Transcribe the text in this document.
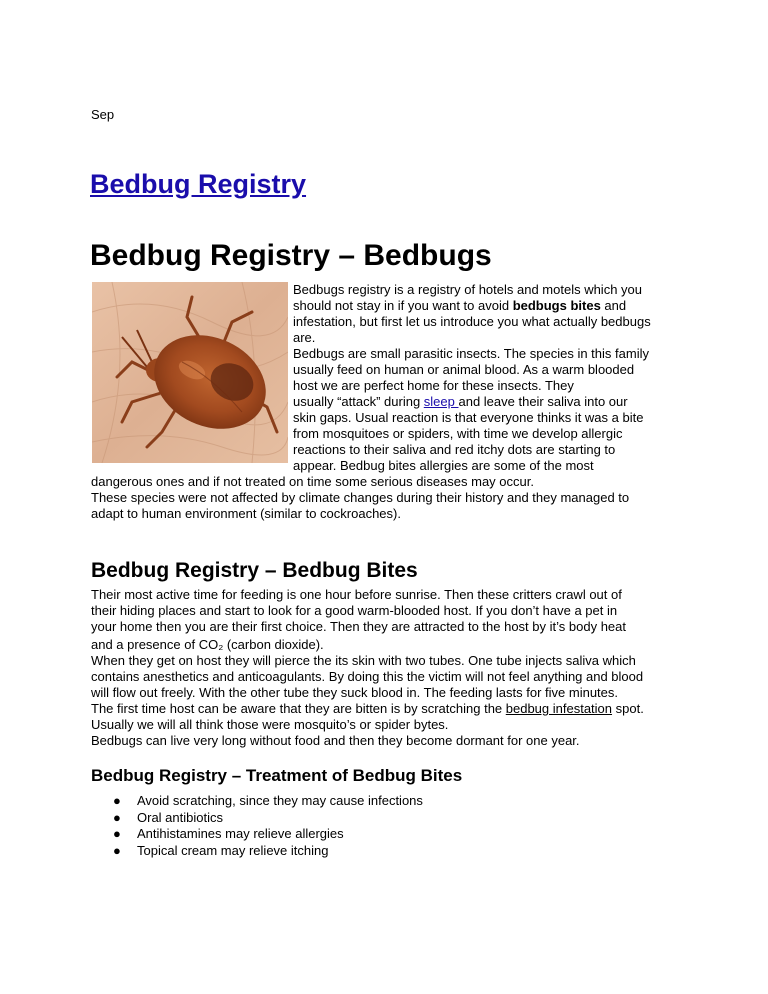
Sep
Bedbug Registry
Bedbug Registry – Bedbugs
Bedbugs registry is a registry of hotels and motels which you
should not stay in if you want to avoid bedbugs bites and
infestation, but first let us introduce you what actually bedbugs
are.
Bedbugs are small parasitic insects. The species in this family
usually feed on human or animal blood. As a warm blooded
host we are perfect home for these insects. They
usually “attack” during sleep and leave their saliva into our
skin gaps. Usual reaction is that everyone thinks it was a bite
from mosquitoes or spiders, with time we develop allergic
reactions to their saliva and red itchy dots are starting to
appear. Bedbug bites allergies are some of the most
dangerous ones and if not treated on time some serious diseases may occur.
These species were not affected by climate changes during their history and they managed to
adapt to human environment (similar to cockroaches).
Bedbug Registry – Bedbug Bites
Their most active time for feeding is one hour before sunrise. Then these critters crawl out of
their hiding places and start to look for a good warm-blooded host. If you don’t have a pet in
your home then you are their first choice. Then they are attracted to the host by it’s body heat
and a presence of CO₂ (carbon dioxide).
When they get on host they will pierce the its skin with two tubes. One tube injects saliva which
contains anesthetics and anticoagulants. By doing this the victim will not feel anything and blood
will flow out freely. With the other tube they suck blood in. The feeding lasts for five minutes.
The first time host can be aware that they are bitten is by scratching the bedbug infestation spot.
Usually we will all think those were mosquito’s or spider bytes.
Bedbugs can live very long without food and then they become dormant for one year.
Bedbug Registry – Treatment of Bedbug Bites
● Avoid scratching, since they may cause infections
● Oral antibiotics
● Antihistamines may relieve allergies
● Topical cream may relieve itching
